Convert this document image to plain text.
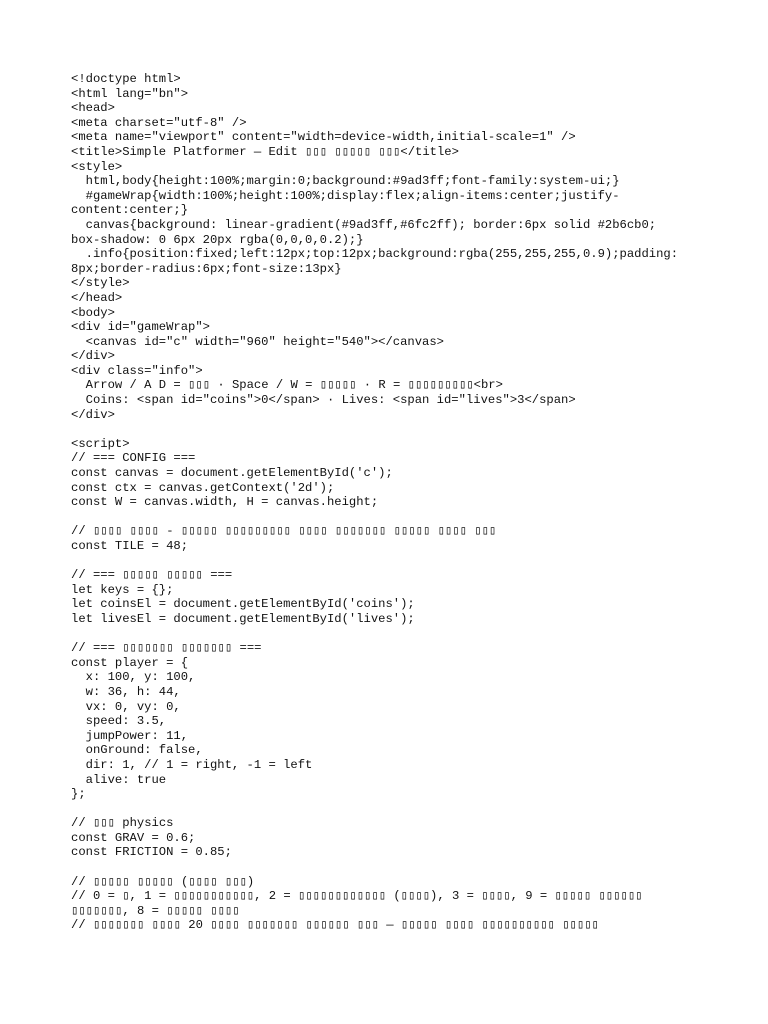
<!doctype html>
<html lang="bn">
<head>
<meta charset="utf-8" />
<meta name="viewport" content="width=device-width,initial-scale=1" />
<title>Simple Platformer — Edit ▯▯▯ ▯▯▯▯▯ ▯▯▯</title>
<style>
html,body{height:100%;margin:0;background:#9ad3ff;font-family:system-ui;}
#gameWrap{width:100%;height:100%;display:flex;align-items:center;justify-
content:center;}
canvas{background: linear-gradient(#9ad3ff,#6fc2ff); border:6px solid #2b6cb0;
box-shadow: 0 6px 20px rgba(0,0,0,0.2);}
.info{position:fixed;left:12px;top:12px;background:rgba(255,255,255,0.9);padding:
8px;border-radius:6px;font-size:13px}
</style>
</head>
<body>
<div id="gameWrap">
<canvas id="c" width="960" height="540"></canvas>
</div>
<div class="info">
Arrow / A D = ▯▯▯ · Space / W = ▯▯▯▯▯ · R = ▯▯▯▯▯▯▯▯▯<br>
Coins: <span id="coins">0</span> · Lives: <span id="lives">3</span>
</div>
<script>
// === CONFIG ===
const canvas = document.getElementById('c');
const ctx = canvas.getContext('2d');
const W = canvas.width, H = canvas.height;
// ▯▯▯▯ ▯▯▯▯ - ▯▯▯▯▯ ▯▯▯▯▯▯▯▯▯ ▯▯▯▯ ▯▯▯▯▯▯▯ ▯▯▯▯▯ ▯▯▯▯ ▯▯▯
const TILE = 48;
// === ▯▯▯▯▯ ▯▯▯▯▯ ===
let keys = {};
let coinsEl = document.getElementById('coins');
let livesEl = document.getElementById('lives');
// === ▯▯▯▯▯▯▯ ▯▯▯▯▯▯▯ ===
const player = {
x: 100, y: 100,
w: 36, h: 44,
vx: 0, vy: 0,
speed: 3.5,
jumpPower: 11,
onGround: false,
dir: 1, // 1 = right, -1 = left
alive: true
};
// ▯▯▯ physics
const GRAV = 0.6;
const FRICTION = 0.85;
// ▯▯▯▯▯ ▯▯▯▯▯ (▯▯▯▯ ▯▯▯)
// 0 = ▯, 1 = ▯▯▯▯▯▯▯▯▯▯▯, 2 = ▯▯▯▯▯▯▯▯▯▯▯▯ (▯▯▯▯), 3 = ▯▯▯▯, 9 = ▯▯▯▯▯ ▯▯▯▯▯▯
▯▯▯▯▯▯▯, 8 = ▯▯▯▯▯ ▯▯▯▯
// ▯▯▯▯▯▯▯ ▯▯▯▯ 20 ▯▯▯▯ ▯▯▯▯▯▯▯ ▯▯▯▯▯▯ ▯▯▯ — ▯▯▯▯▯ ▯▯▯▯ ▯▯▯▯▯▯▯▯▯▯ ▯▯▯▯▯
